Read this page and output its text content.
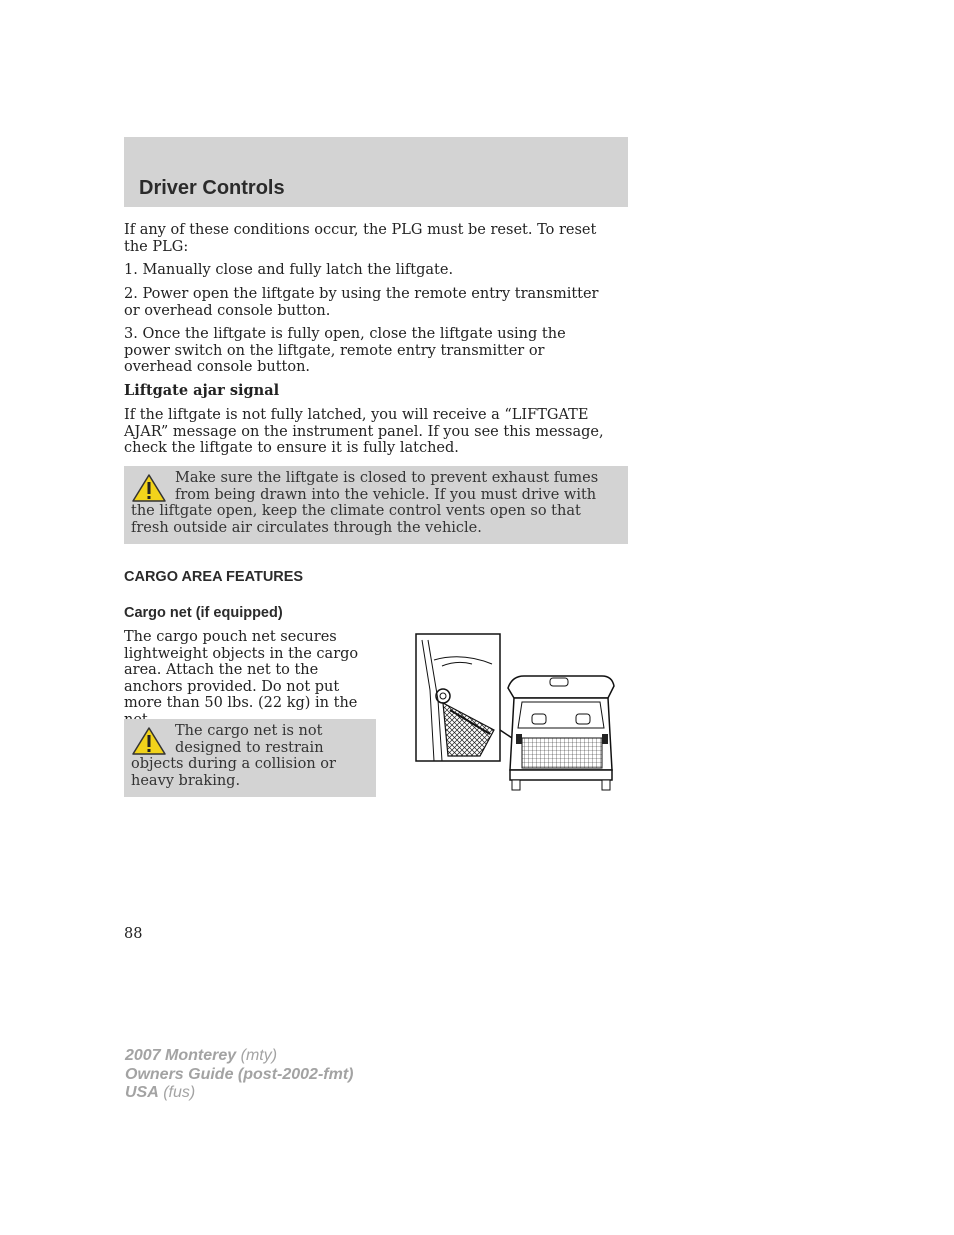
Driver Controls

If any of these conditions occur, the PLG must be reset. To reset the PLG:

1. Manually close and fully latch the liftgate.

2. Power open the liftgate by using the remote entry transmitter or overhead console button.

3. Once the liftgate is fully open, close the liftgate using the power switch on the liftgate, remote entry transmitter or overhead console button.

Liftgate ajar signal

If the liftgate is not fully latched, you will receive a “LIFTGATE AJAR” message on the instrument panel. If you see this message, check the liftgate to ensure it is fully latched.

Make sure the liftgate is closed to prevent exhaust fumes from being drawn into the vehicle. If you must drive with the liftgate open, keep the climate control vents open so that fresh outside air circulates through the vehicle.
CARGO AREA FEATURES
Cargo net (if equipped)

The cargo pouch net secures lightweight objects in the cargo area. Attach the net to the anchors provided. Do not put more than 50 lbs. (22 kg) in the

The cargo net is not designed to restrain objects during a collision or heavy braking.
88
2007 Monterey (mty)
Owners Guide (post-2002-fmt)
USA (fus)
